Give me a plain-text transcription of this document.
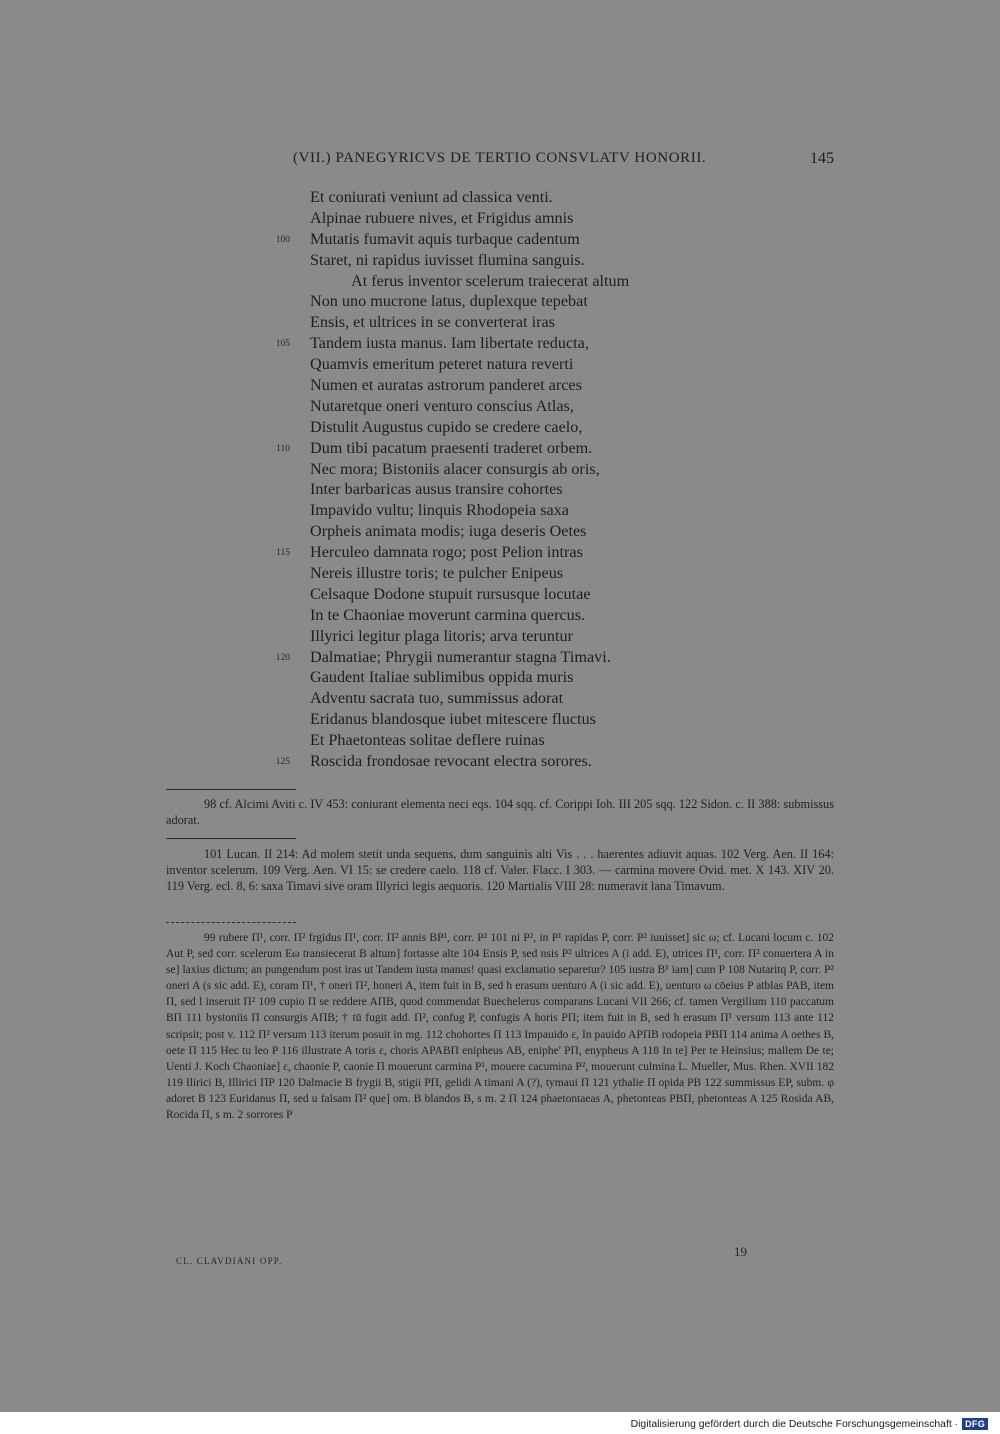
(VII.) PANEGYRICVS DE TERTIO CONSVLATV HONORII.	145
Et coniurati veniunt ad classica venti.
Alpinae rubuere nives, et Frigidus amnis
100 Mutatis fumavit aquis turbaque cadentum
Staret, ni rapidus iuvisset flumina sanguis.
At ferus inventor scelerum traiecerat altum
Non uno mucrone latus, duplexque tepebat
Ensis, et ultrices in se converterat iras
105 Tandem iusta manus. Iam libertate reducta,
Quamvis emeritum peteret natura reverti
Numen et auratas astrorum panderet arces
Nutaretque oneri venturo conscius Atlas,
Distulit Augustus cupido se credere caelo,
110 Dum tibi pacatum praesenti traderet orbem.
Nec mora; Bistoniis alacer consurgis ab oris,
Inter barbaricas ausus transire cohortes
Impavido vultu; linquis Rhodopeia saxa
Orpheis animata modis; iuga deseris Oetes
115 Herculeo damnata rogo; post Pelion intras
Nereis illustre toris; te pulcher Enipeus
Celsaque Dodone stupuit rursusque locutae
In te Chaoniae moverunt carmina quercus.
Illyrici legitur plaga litoris; arva teruntur
120 Dalmatiae; Phrygii numerantur stagna Timavi.
Gaudent Italiae sublimibus oppida muris
Adventu sacrata tuo, summissus adorat
Eridanus blandosque iubet mitescere fluctus
Et Phaetonteas solitae deflere ruinas
125 Roscida frondosae revocant electra sorores.

98 cf. Alcimi Aviti c. IV 453: coniurant elementa neci eqs. 104 sqq. cf. Corippi Ioh. III 205 sqq. 122 Sidon. c. II 388: submissus adorat.

101 Lucan. II 214: Ad molem stetit unda sequens, dum sanguinis alti Vis . . . haerentes adiuvit aquas. 102 Verg. Aen. II 164: inventor scelerum. 109 Verg. Aen. VI 15: se credere caelo. 118 cf. Valer. Flacc. I 303. — carmina movere Ovid. met. X 143. XIV 20. 119 Verg. ecl. 8, 6: saxa Timavi sive oram Illyrici legis aequoris. 120 Martialis VIII 28: numeravit lana Timavum.

99 rubere Π¹, corr. Π² frgidus Π¹, corr. Π² annis BP¹, corr. P² 101 ni P², in P¹ rapidas P, corr. P² iuuisset] sic ω; cf. Lucani locum c. 102 Aut P, sed corr. scelerum Eω transiecerat B altum] fortasse alte 104 Ensis P, sed nsis P² ultrices A (i add. E), utrices Π¹, corr. Π² conuertera A in se] laxius dictum; an pungendum post iras ut Tandem iusta manus! quasi exclamatio separetur? 105 iustra B¹ iam] cum P 108 Nutaritq P, corr. P² oneri A (s sic add. E), coram Π¹, † oneri Π², honeri A, item fuit in B, sed h erasum uenturo A (i sic add. E), uenturo ω cōeius P atblas PAB, item Π, sed l inseruit Π² 109 cupio Π se reddere AΠB, quod commendat Buechelerus comparans Lucani VII 266; cf. tamen Vergilium 110 paccatum BΠ 111 bystoniis Π consurgis AΠB; † tū fugit add. Π², confug P, confugis A horis PΠ; item fuit in B, sed h erasum Π¹ versum 113 ante 112 scripsit; post v. 112 Π² versum 113 iterum posuit in mg. 112 chohortes Π 113 Impauido ε, In pauido APΠB rodopeia PBΠ 114 anima A oethes B, oete Π 115 Hec tu leo P 116 illustrate A toris ε, choris APABΠ enipheus AB, eniphe' PΠ, enypheus A 118 In te] Per te Heinsius; mallem De te; Uenti J. Koch Chaoniae] ε, chaonie P, caonie Π mouerunt carmina P¹, mouere cacumina P², mouerunt culmina L. Mueller, Mus. Rhen. XVII 182 119 Ilirici B, Illirici ΠP 120 Dalmacie B frygii B, stigii PΠ, gelidi A timani A (?), tymaui Π 121 ythalie Π opida PB 122 summissus EP, subm. φ adoret B 123 Euridanus Π, sed u falsam Π² que] om. B blandos B, s m. 2 Π 124 phaetontaeas A, phetonteas PBΠ, phetonteas A 125 Rosida AB, Rocida Π, s m. 2 sorrores P

CL. CLAVDIANI OPP.
19
Digitalisierung gefördert durch die Deutsche Forschungsgemeinschaft · DFG
